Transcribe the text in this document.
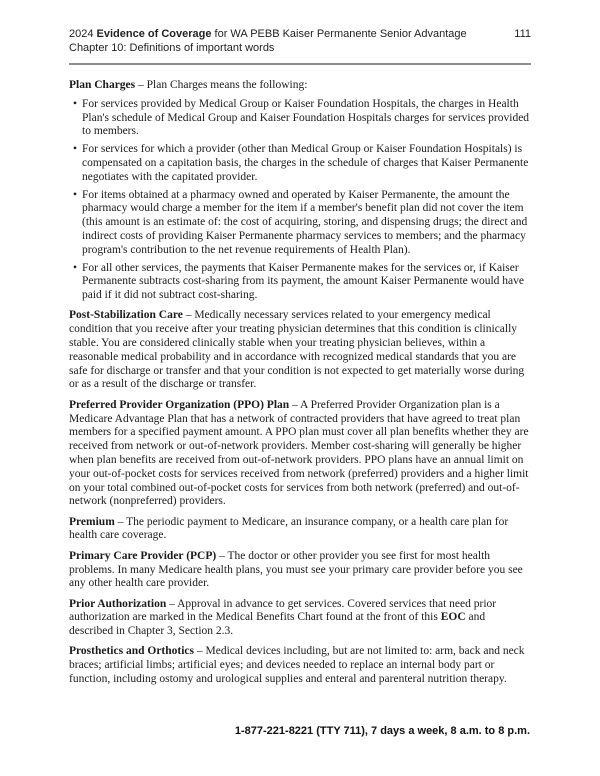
2024 Evidence of Coverage for WA PEBB Kaiser Permanente Senior Advantage	111
Chapter 10: Definitions of important words

Plan Charges – Plan Charges means the following:

• For services provided by Medical Group or Kaiser Foundation Hospitals, the charges in Health Plan's schedule of Medical Group and Kaiser Foundation Hospitals charges for services provided to members.
• For services for which a provider (other than Medical Group or Kaiser Foundation Hospitals) is compensated on a capitation basis, the charges in the schedule of charges that Kaiser Permanente negotiates with the capitated provider.
• For items obtained at a pharmacy owned and operated by Kaiser Permanente, the amount the pharmacy would charge a member for the item if a member's benefit plan did not cover the item (this amount is an estimate of: the cost of acquiring, storing, and dispensing drugs; the direct and indirect costs of providing Kaiser Permanente pharmacy services to members; and the pharmacy program's contribution to the net revenue requirements of Health Plan).
• For all other services, the payments that Kaiser Permanente makes for the services or, if Kaiser Permanente subtracts cost-sharing from its payment, the amount Kaiser Permanente would have paid if it did not subtract cost-sharing.

Post-Stabilization Care – Medically necessary services related to your emergency medical condition that you receive after your treating physician determines that this condition is clinically stable. You are considered clinically stable when your treating physician believes, within a reasonable medical probability and in accordance with recognized medical standards that you are safe for discharge or transfer and that your condition is not expected to get materially worse during or as a result of the discharge or transfer.

Preferred Provider Organization (PPO) Plan – A Preferred Provider Organization plan is a Medicare Advantage Plan that has a network of contracted providers that have agreed to treat plan members for a specified payment amount. A PPO plan must cover all plan benefits whether they are received from network or out-of-network providers. Member cost-sharing will generally be higher when plan benefits are received from out-of-network providers. PPO plans have an annual limit on your out-of-pocket costs for services received from network (preferred) providers and a higher limit on your total combined out-of-pocket costs for services from both network (preferred) and out-of-network (nonpreferred) providers.

Premium – The periodic payment to Medicare, an insurance company, or a health care plan for health care coverage.

Primary Care Provider (PCP) – The doctor or other provider you see first for most health problems. In many Medicare health plans, you must see your primary care provider before you see any other health care provider.

Prior Authorization – Approval in advance to get services. Covered services that need prior authorization are marked in the Medical Benefits Chart found at the front of this EOC and described in Chapter 3, Section 2.3.

Prosthetics and Orthotics – Medical devices including, but are not limited to: arm, back and neck braces; artificial limbs; artificial eyes; and devices needed to replace an internal body part or function, including ostomy and urological supplies and enteral and parenteral nutrition therapy.

1-877-221-8221 (TTY 711), 7 days a week, 8 a.m. to 8 p.m.
